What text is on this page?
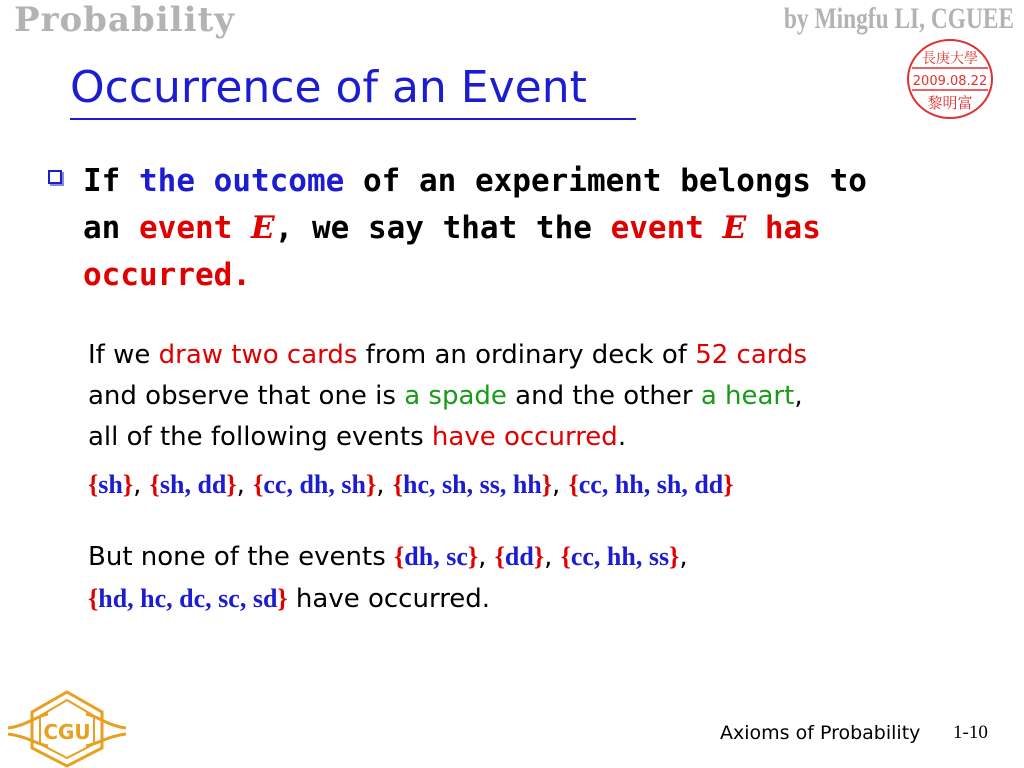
Probability	by Mingfu LI, CGUEE
長庚大學
2009.08.22
黎明富
Occurrence of an Event
If the outcome of an experiment belongs to
an event E, we say that the event E has
occurred.
If we draw two cards from an ordinary deck of 52 cards
and observe that one is a spade and the other a heart,
all of the following events have occurred.
{sh}, {sh, dd}, {cc, dh, sh}, {hc, sh, ss, hh}, {cc, hh, sh, dd}
But none of the events {dh, sc}, {dd}, {cc, hh, ss},
{hd, hc, dc, sc, sd} have occurred.
CGU	Axioms of Probability 1-10
